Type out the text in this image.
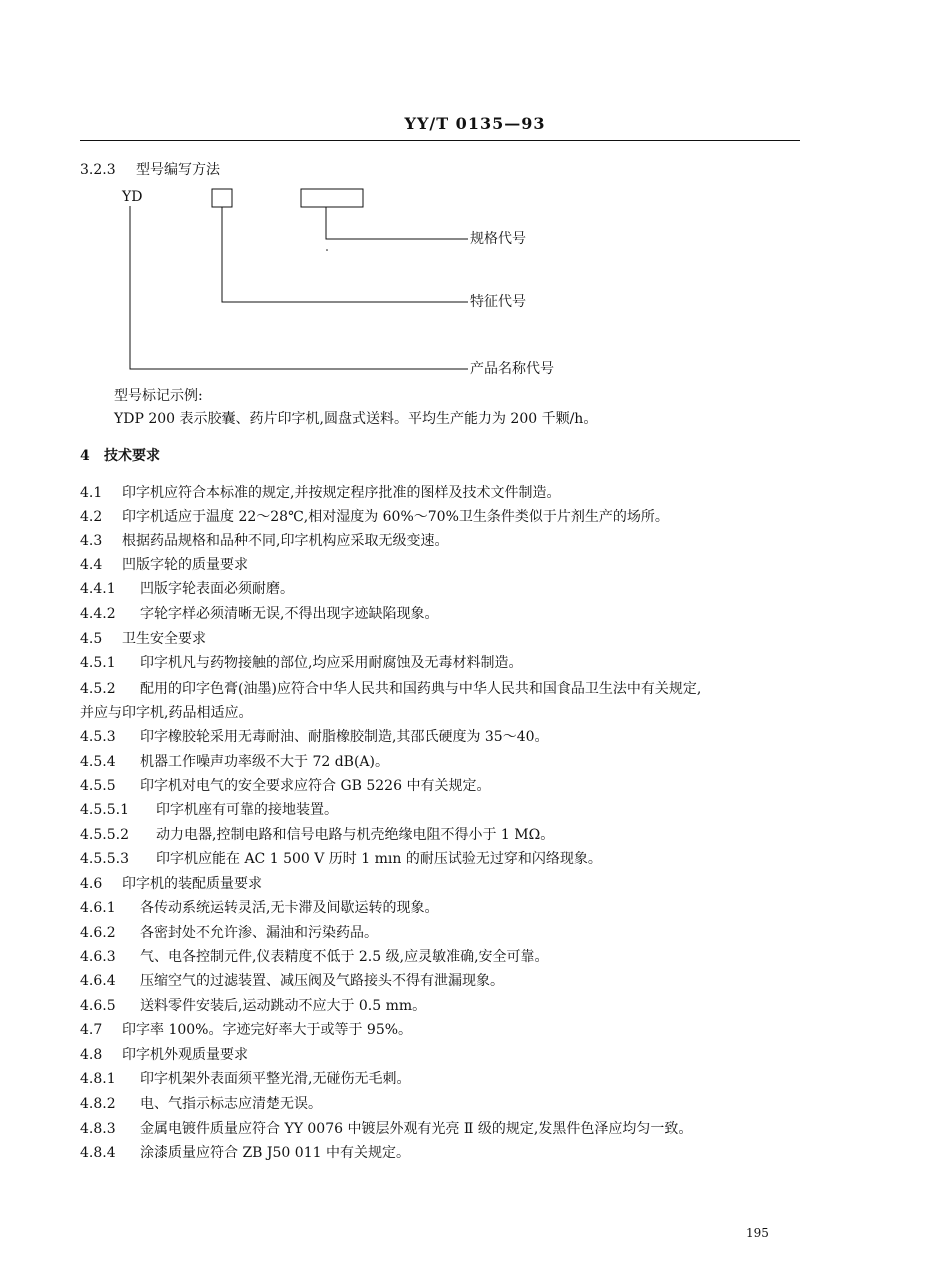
YY/T 0135—93
3.2.3 型号编写方法
YD
规格代号
特征代号
产品名称代号
型号标记示例:
YDP 200 表示胶囊、药片印字机,圆盘式送料。平均生产能力为 200 千颗/h。
4 技术要求
4.1 印字机应符合本标准的规定,并按规定程序批准的图样及技术文件制造。
4.2 印字机适应于温度 22～28℃,相对湿度为 60%～70%卫生条件类似于片剂生产的场所。
4.3 根据药品规格和品种不同,印字机构应采取无级变速。
4.4 凹版字轮的质量要求
4.4.1 凹版字轮表面必须耐磨。
4.4.2 字轮字样必须清晰无误,不得出现字迹缺陷现象。
4.5 卫生安全要求
4.5.1 印字机凡与药物接触的部位,均应采用耐腐蚀及无毒材料制造。
4.5.2 配用的印字色膏(油墨)应符合中华人民共和国药典与中华人民共和国食品卫生法中有关规定,
并应与印字机,药品相适应。
4.5.3 印字橡胶轮采用无毒耐油、耐脂橡胶制造,其邵氏硬度为 35～40。
4.5.4 机器工作噪声功率级不大于 72 dB(A)。
4.5.5 印字机对电气的安全要求应符合 GB 5226 中有关规定。
4.5.5.1 印字机座有可靠的接地装置。
4.5.5.2 动力电器,控制电路和信号电路与机壳绝缘电阻不得小于 1 MΩ。
4.5.5.3 印字机应能在 AC 1 500 V 历时 1 mın 的耐压试验无过穿和闪络现象。
4.6 印字机的装配质量要求
4.6.1 各传动系统运转灵活,无卡滞及间歇运转的现象。
4.6.2 各密封处不允许渗、漏油和污染药品。
4.6.3 气、电各控制元件,仪表精度不低于 2.5 级,应灵敏准确,安全可靠。
4.6.4 压缩空气的过滤装置、减压阀及气路接头不得有泄漏现象。
4.6.5 送料零件安装后,运动跳动不应大于 0.5 mm。
4.7 印字率 100%。字迹完好率大于或等于 95%。
4.8 印字机外观质量要求
4.8.1 印字机架外表面须平整光滑,无碰伤无毛刺。
4.8.2 电、气指示标志应清楚无误。
4.8.3 金属电镀件质量应符合 YY 0076 中镀层外观有光亮 Ⅱ 级的规定,发黑件色泽应均匀一致。
4.8.4 涂漆质量应符合 ZB J50 011 中有关规定。
195
